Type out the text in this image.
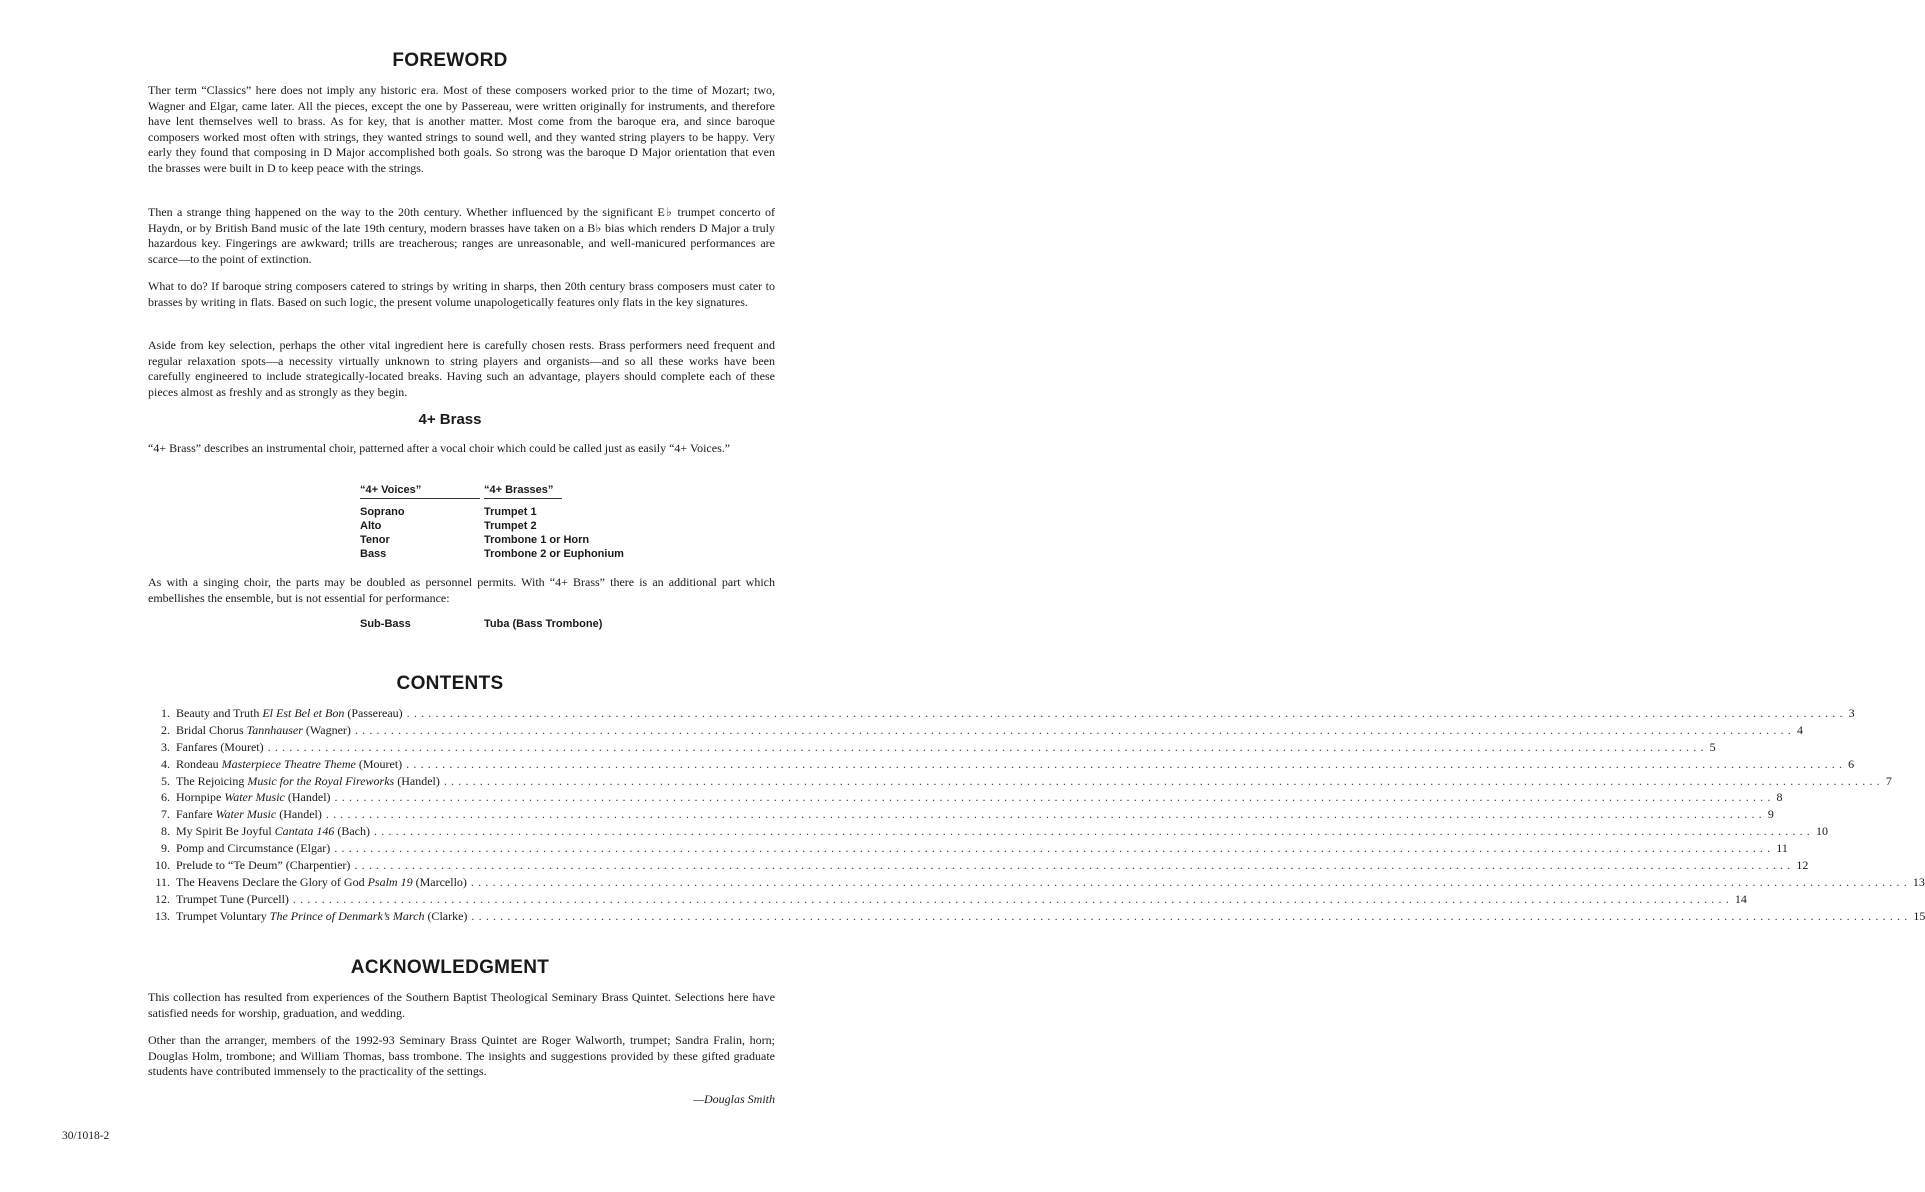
FOREWORD

Ther term “Classics” here does not imply any historic era. Most of these composers worked prior to the time of Mozart; two, Wagner and Elgar, came later. All the pieces, except the one by Passereau, were written originally for instruments, and therefore have lent themselves well to brass. As for key, that is another matter. Most come from the baroque era, and since baroque composers worked most often with strings, they wanted strings to sound well, and they wanted string players to be happy. Very early they found that composing in D Major accomplished both goals. So strong was the baroque D Major orientation that even the brasses were built in D to keep peace with the strings.

Then a strange thing happened on the way to the 20th century. Whether influenced by the significant E♭ trumpet concerto of Haydn, or by British Band music of the late 19th century, modern brasses have taken on a B♭ bias which renders D Major a truly hazardous key. Fingerings are awkward; trills are treacherous; ranges are unreasonable, and well-manicured performances are scarce—to the point of extinction.

What to do? If baroque string composers catered to strings by writing in sharps, then 20th century brass composers must cater to brasses by writing in flats. Based on such logic, the present volume unapologetically features only flats in the key signatures.

Aside from key selection, perhaps the other vital ingredient here is carefully chosen rests. Brass performers need frequent and regular relaxation spots—a necessity virtually unknown to string players and organists—and so all these works have been carefully engineered to include strategically-located breaks. Having such an advantage, players should complete each of these pieces almost as freshly and as strongly as they begin.

4+ Brass

“4+ Brass” describes an instrumental choir, patterned after a vocal choir which could be called just as easily “4+ Voices.”

“4+ Voices”	“4+ Brasses”
Soprano	Trumpet 1
Alto	Trumpet 2
Tenor	Trombone 1 or Horn
Bass	Trombone 2 or Euphonium

As with a singing choir, the parts may be doubled as personnel permits. With “4+ Brass” there is an additional part which embellishes the ensemble, but is not essential for performance:

Sub-Bass	Tuba (Bass Trombone)
CONTENTS
1. Beauty and Truth El Est Bel et Bon (Passereau) ........................................................................................................................................................................................................ 3
2. Bridal Chorus Tannhauser (Wagner) ........................................................................................................................................................................................................ 4
3. Fanfares (Mouret) ........................................................................................................................................................................................................ 5
4. Rondeau Masterpiece Theatre Theme (Mouret) ........................................................................................................................................................................................................ 6
5. The Rejoicing Music for the Royal Fireworks (Handel) ........................................................................................................................................................................................................ 7
6. Hornpipe Water Music (Handel) ........................................................................................................................................................................................................ 8
7. Fanfare Water Music (Handel) ........................................................................................................................................................................................................ 9
8. My Spirit Be Joyful Cantata 146 (Bach) ........................................................................................................................................................................................................ 10
9. Pomp and Circumstance (Elgar) ........................................................................................................................................................................................................ 11
10. Prelude to “Te Deum” (Charpentier) ........................................................................................................................................................................................................ 12
11. The Heavens Declare the Glory of God Psalm 19 (Marcello) ........................................................................................................................................................................................................ 13
12. Trumpet Tune (Purcell) ........................................................................................................................................................................................................ 14
13. Trumpet Voluntary The Prince of Denmark’s March (Clarke) ........................................................................................................................................................................................................ 15
ACKNOWLEDGMENT

This collection has resulted from experiences of the Southern Baptist Theological Seminary Brass Quintet. Selections here have satisfied needs for worship, graduation, and wedding.

Other than the arranger, members of the 1992-93 Seminary Brass Quintet are Roger Walworth, trumpet; Sandra Fralin, horn; Douglas Holm, trombone; and William Thomas, bass trombone. The insights and suggestions provided by these gifted graduate students have contributed immensely to the practicality of the settings.

—Douglas Smith
30/1018-2
